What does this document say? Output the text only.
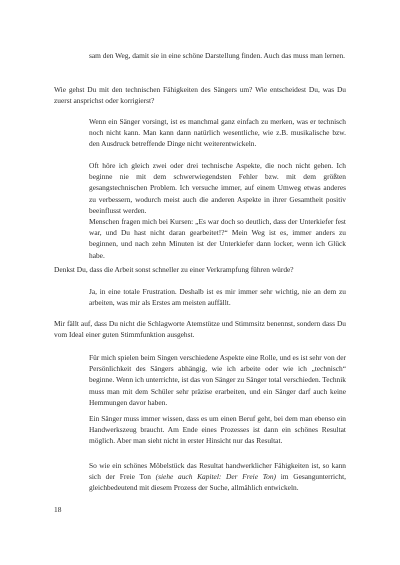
sam den Weg, damit sie in eine schöne Darstellung finden. Auch das muss man lernen.

Wie gehst Du mit den technischen Fähigkeiten des Sängers um? Wie entscheidest Du, was Du zuerst ansprichst oder korrigierst?

Wenn ein Sänger vorsingt, ist es manchmal ganz einfach zu merken, was er technisch noch nicht kann. Man kann dann natürlich wesentliche, wie z.B. musikalische bzw. den Ausdruck betreffende Dinge nicht weiterentwickeln.

Oft höre ich gleich zwei oder drei technische Aspekte, die noch nicht gehen. Ich beginne nie mit dem schwerwiegendsten Fehler bzw. mit dem größten gesangstechnischen Problem. Ich versuche immer, auf einem Umweg etwas anderes zu verbessern, wodurch meist auch die anderen Aspekte in ihrer Gesamtheit positiv beeinflusst werden.

Menschen fragen mich bei Kursen: „Es war doch so deutlich, dass der Unterkiefer fest war, und Du hast nicht daran gearbeitet!?“ Mein Weg ist es, immer anders zu beginnen, und nach zehn Minuten ist der Unterkiefer dann locker, wenn ich Glück habe.

Denkst Du, dass die Arbeit sonst schneller zu einer Verkrampfung führen würde?

Ja, in eine totale Frustration. Deshalb ist es mir immer sehr wichtig, nie an dem zu arbeiten, was mir als Erstes am meisten auffällt.

Mir fällt auf, dass Du nicht die Schlagworte Atemstütze und Stimmsitz benennst, sondern dass Du vom Ideal einer guten Stimmfunktion ausgehst.

Für mich spielen beim Singen verschiedene Aspekte eine Rolle, und es ist sehr von der Persönlichkeit des Sängers abhängig, wie ich arbeite oder wie ich „technisch“ beginne. Wenn ich unterrichte, ist das von Sänger zu Sänger total verschieden. Technik muss man mit dem Schüler sehr präzise erarbeiten, und ein Sänger darf auch keine Hemmungen davor haben.

Ein Sänger muss immer wissen, dass es um einen Beruf geht, bei dem man ebenso ein Handwerkszeug braucht. Am Ende eines Prozesses ist dann ein schönes Resultat möglich. Aber man sieht nicht in erster Hinsicht nur das Resultat.

So wie ein schönes Möbelstück das Resultat handwerklicher Fähigkeiten ist, so kann sich der Freie Ton (siehe auch Kapitel: Der Freie Ton) im Gesangunterricht, gleichbedeutend mit diesem Prozess der Suche, allmählich entwickeln.

18
